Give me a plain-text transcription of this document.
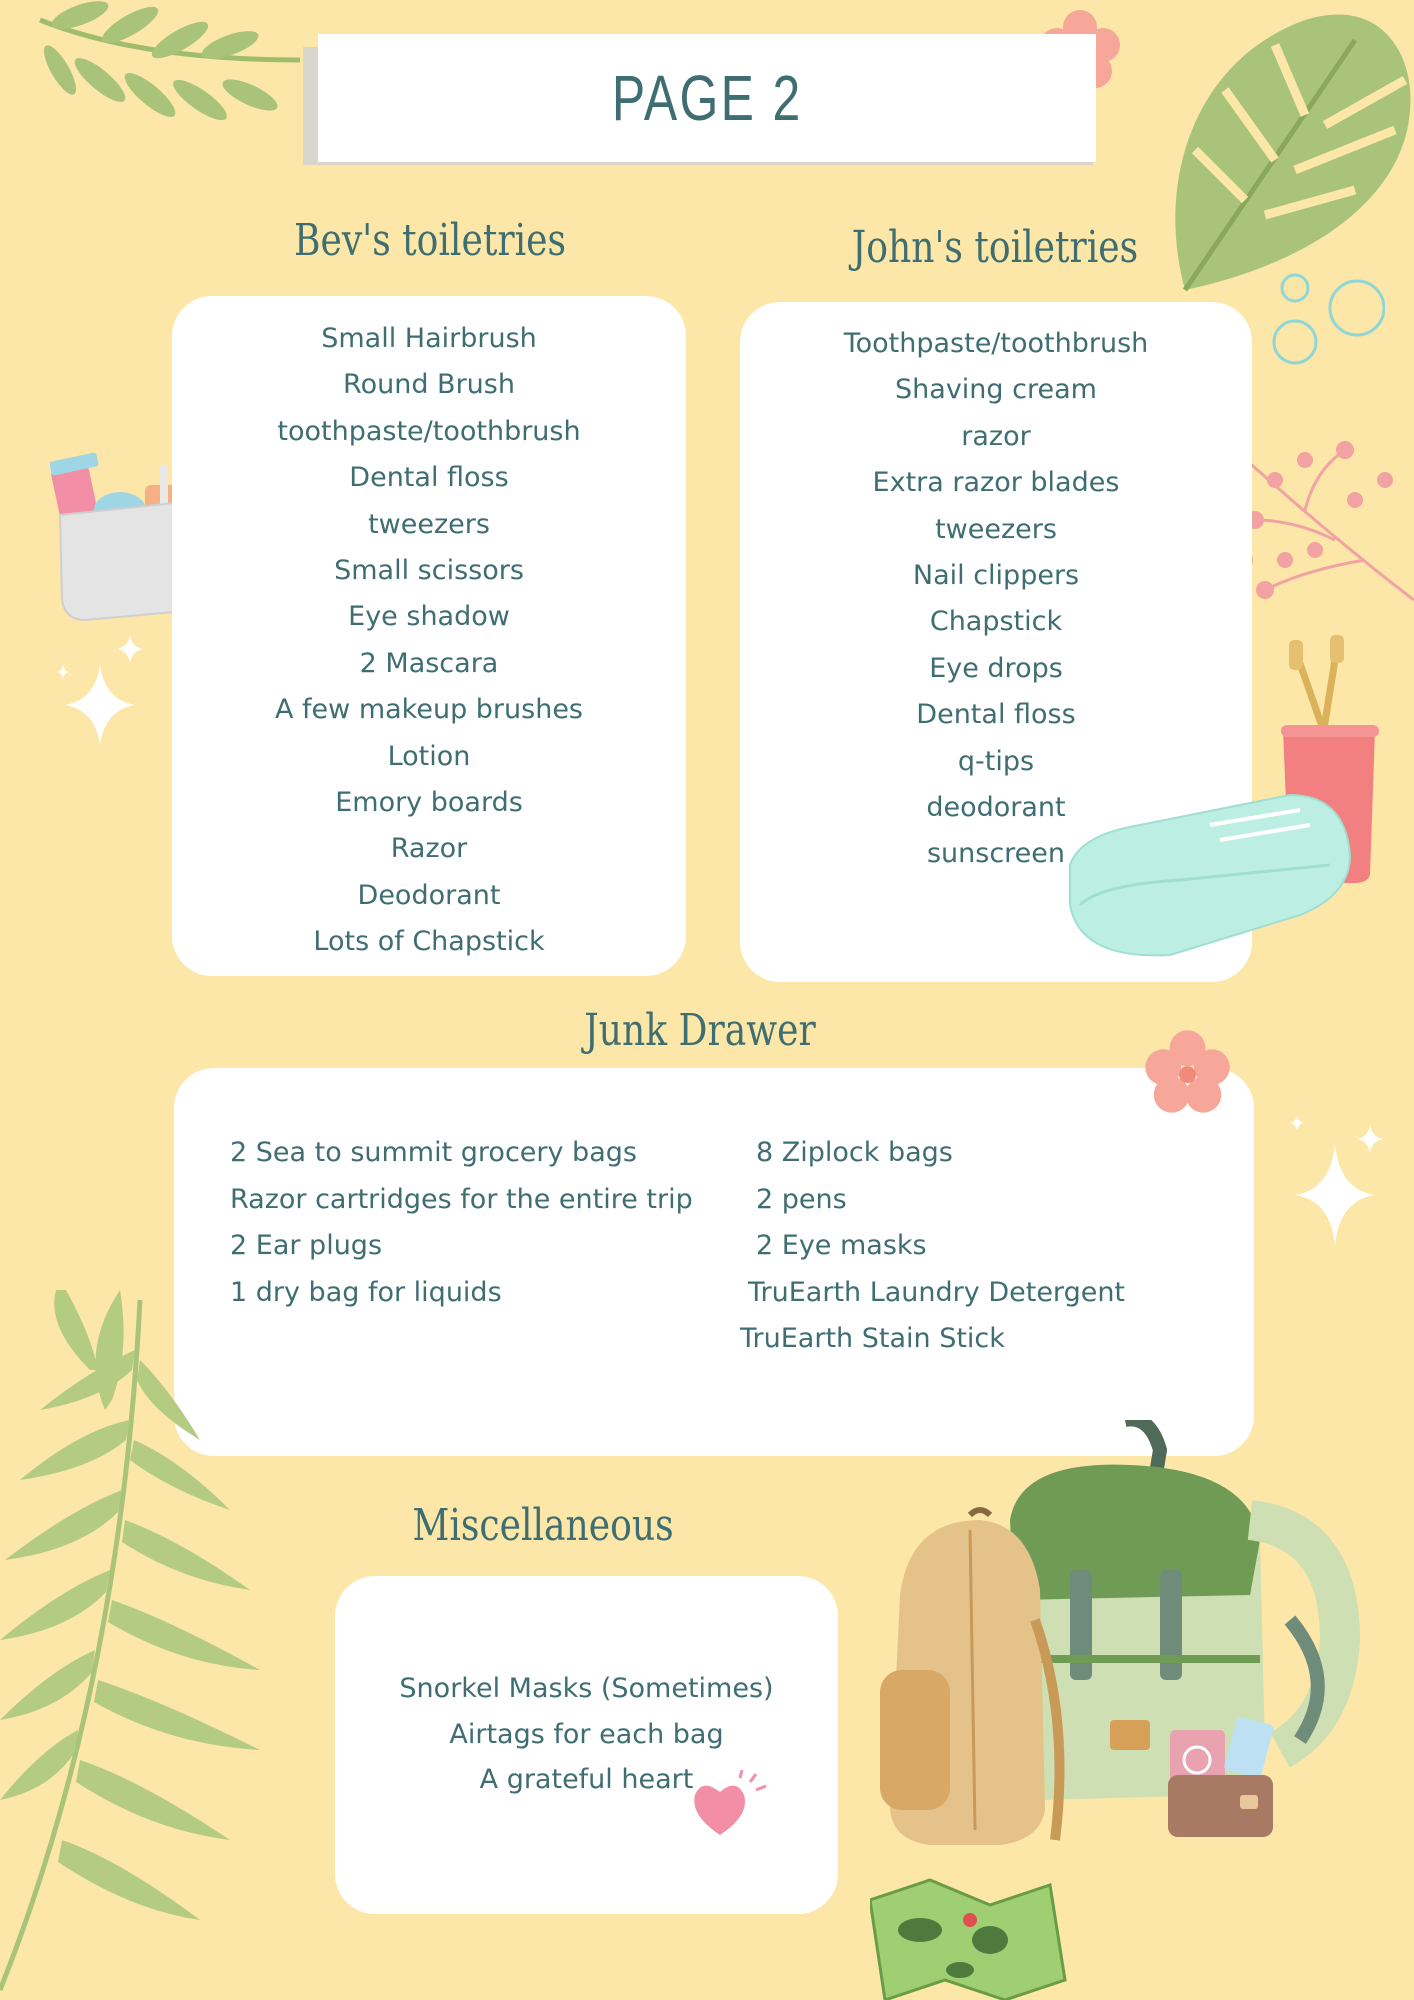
PAGE 2
Bev's toiletries
Small Hairbrush
Round Brush
toothpaste/toothbrush
Dental floss
tweezers
Small scissors
Eye shadow
2 Mascara
A few makeup brushes
Lotion
Emory boards
Razor
Deodorant
Lots of Chapstick
John's toiletries
Toothpaste/toothbrush
Shaving cream
razor
Extra razor blades
tweezers
Nail clippers
Chapstick
Eye drops
Dental floss
q-tips
deodorant
sunscreen
Junk Drawer
2 Sea to summit grocery bags
Razor cartridges for the entire trip
2 Ear plugs
1 dry bag for liquids
8 Ziplock bags
2 pens
2 Eye masks
TruEarth Laundry Detergent
TruEarth Stain Stick
Miscellaneous
Snorkel Masks (Sometimes)
Airtags for each bag
A grateful heart
